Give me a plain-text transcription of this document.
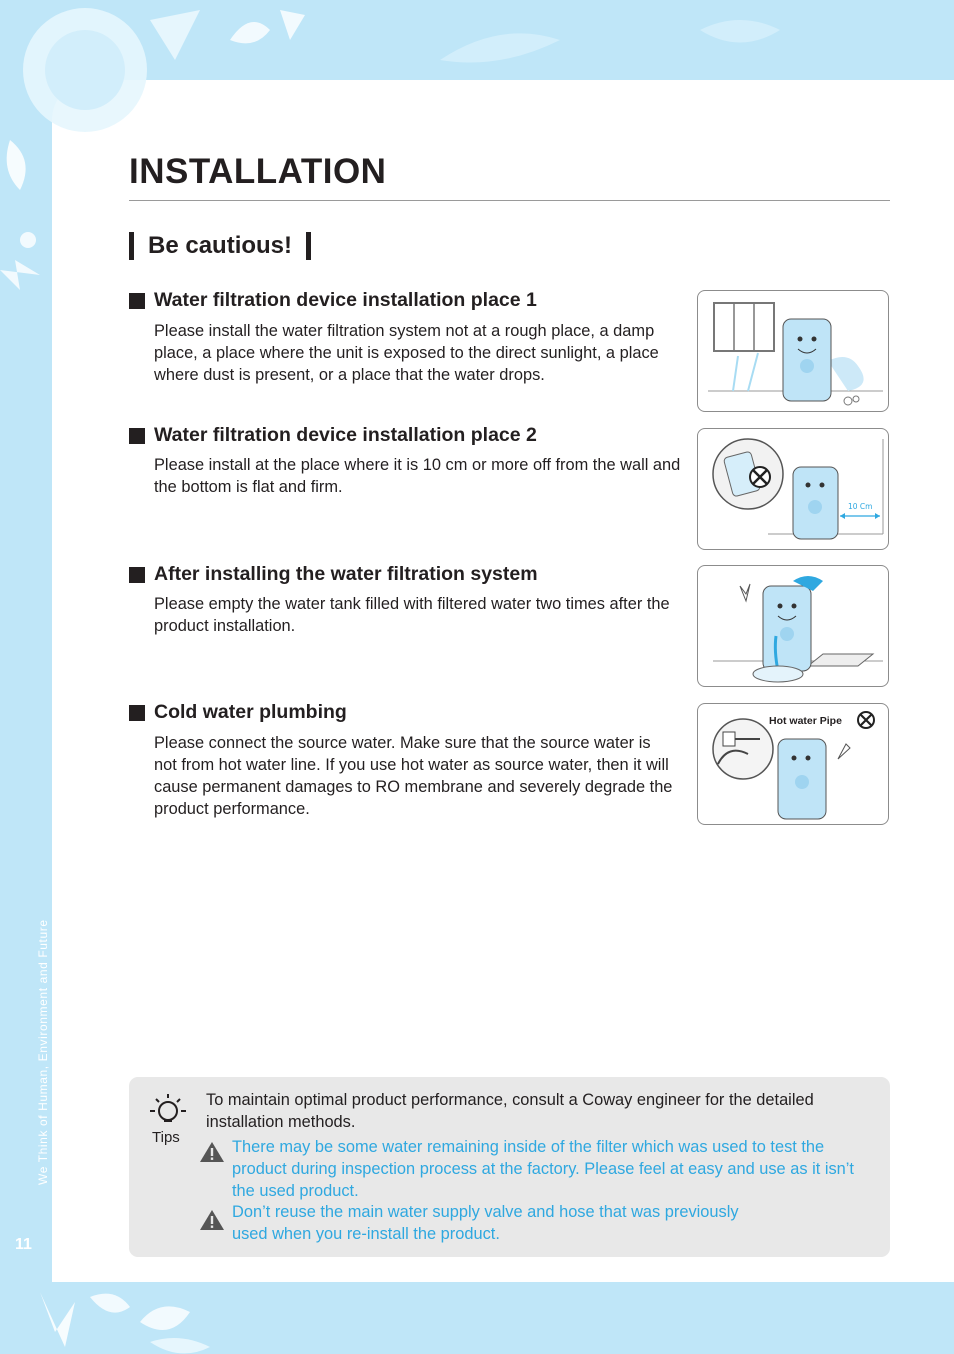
We Think of Human, Environment and Future
11
INSTALLATION
Be cautious!
Water filtration device installation place 1

Please install the water filtration system not at a rough place, a damp place, a place where the unit is exposed to the direct sunlight, a place where dust is present, or a place that the water drops.

Water filtration device installation place 2

Please install at the place where it is 10 cm or more off from the wall and the bottom is flat and firm.

10 Cm
After installing the water filtration system

Please empty the water tank filled with filtered water two times after the product installation.

Cold water plumbing

Please connect the source water. Make sure that the source water is not from hot water line. If you use hot water as source water, then it will cause permanent damages to RO membrane and severely degrade the product performance.

Hot water Pipe
Tips

To maintain optimal product performance, consult a Coway engineer for the detailed installation methods.

There may be some water remaining inside of the filter which was used to test the product during inspection process at the factory. Please feel at easy and use as it isn’t the used product.

Don’t reuse the main water supply valve and hose that was previously used when you re-install the product.
